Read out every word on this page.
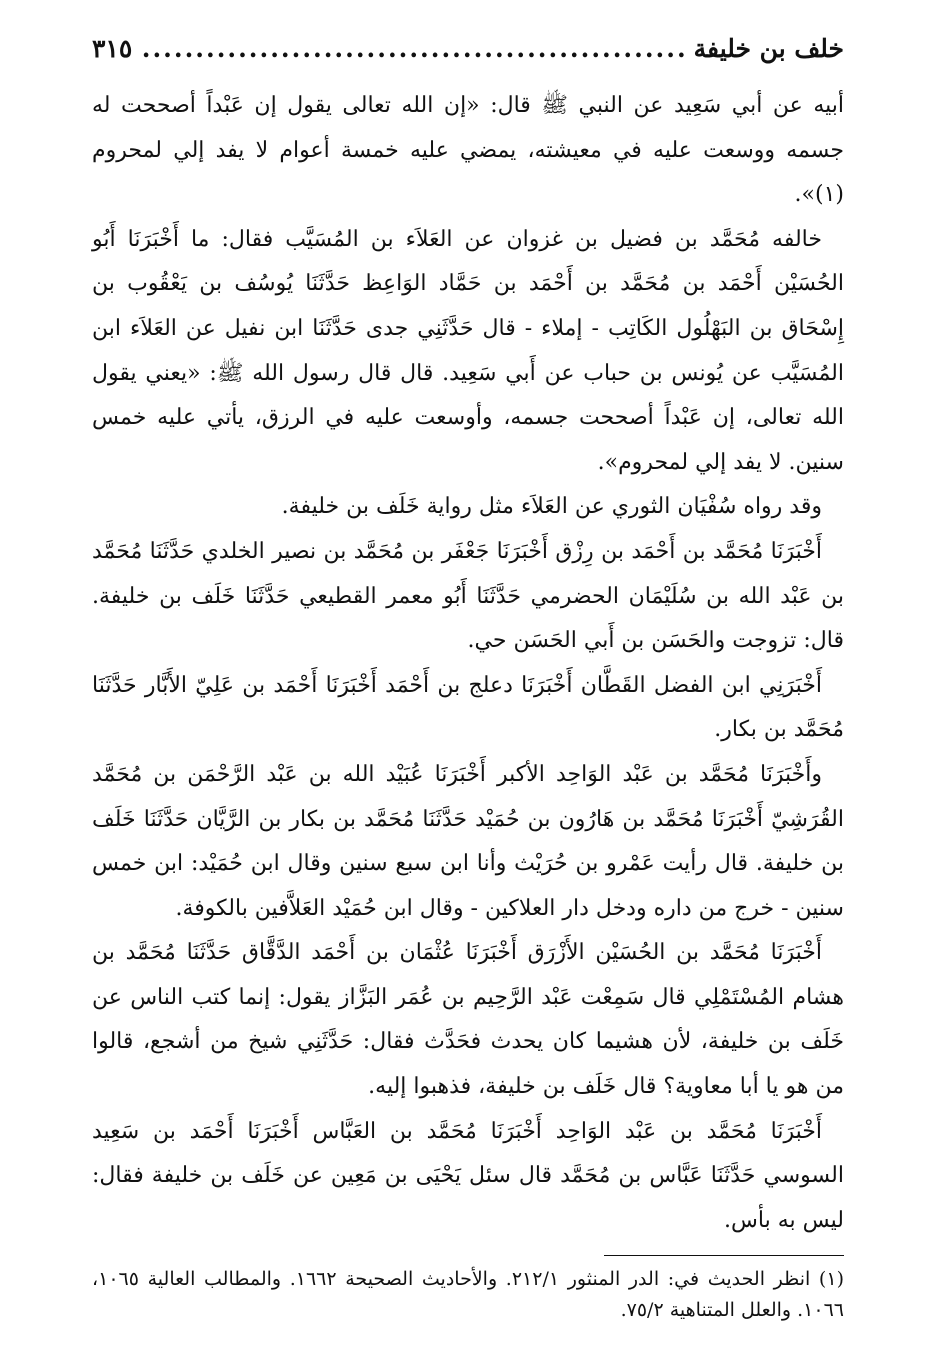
خلف بن خليفة
.....
٣١٥

أبيه عن أبي سَعِيد عن النبي ﷺ قال: «إن الله تعالى يقول إن عَبْداً أصححت له جسمه ووسعت عليه في معيشته، يمضي عليه خمسة أعوام لا يفد إلي لمحروم (١)».

خالفه مُحَمَّد بن فضيل بن غزوان عن العَلاَء بن المُسَيَّب فقال: ما أَخْبَرَنَا أَبُو الحُسَيْن أَحْمَد بن مُحَمَّد بن أَحْمَد بن حَمَّاد الوَاعِظ حَدَّثَنَا يُوسُف بن يَعْقُوب بن إِسْحَاق بن البَهْلُول الكَاتِب - إملاء - قال حَدَّثَنِي جدى حَدَّثَنَا ابن نفيل عن العَلاَء ابن المُسَيَّب عن يُونس بن حباب عن أَبي سَعِيد. قال قال رسول الله ﷺ: «يعني يقول الله تعالى، إن عَبْداً أصححت جسمه، وأوسعت عليه في الرزق، يأتي عليه خمس سنين. لا يفد إلي لمحروم».

وقد رواه سُفْيَان الثوري عن العَلاَء مثل رواية خَلَف بن خليفة.

أَخْبَرَنَا مُحَمَّد بن أَحْمَد بن رِزْق أَخْبَرَنَا جَعْفَر بن مُحَمَّد بن نصير الخلدي حَدَّثَنَا مُحَمَّد بن عَبْد الله بن سُلَيْمَان الحضرمي حَدَّثَنَا أَبُو معمر القطيعي حَدَّثَنَا خَلَف بن خليفة. قال: تزوجت والحَسَن بن أَبي الحَسَن حي.

أَخْبَرَنِي ابن الفضل القَطَّان أَخْبَرَنَا دعلج بن أَحْمَد أَخْبَرَنَا أَحْمَد بن عَلِيّ الأَبَّار حَدَّثَنَا مُحَمَّد بن بكار.

وأَخْبَرَنَا مُحَمَّد بن عَبْد الوَاحِد الأكبر أَخْبَرَنَا عُبَيْد الله بن عَبْد الرَّحْمَن بن مُحَمَّد القُرَشِيّ أَخْبَرَنَا مُحَمَّد بن هَارُون بن حُمَيْد حَدَّثَنَا مُحَمَّد بن بكار بن الرَّيَّان حَدَّثَنَا خَلَف بن خليفة. قال رأيت عَمْرو بن حُرَيْث وأنا ابن سبع سنين وقال ابن حُمَيْد: ابن خمس سنين - خرج من داره ودخل دار العلاكين - وقال ابن حُمَيْد العَلاَّفين بالكوفة.

أَخْبَرَنَا مُحَمَّد بن الحُسَيْن الأَزْرَق أَخْبَرَنَا عُثْمَان بن أَحْمَد الدَّقَّاق حَدَّثَنَا مُحَمَّد بن هشام المُسْتَمْلِي قال سَمِعْت عَبْد الرَّحِيم بن عُمَر البَزَّاز يقول: إنما كتب الناس عن خَلَف بن خليفة، لأن هشيما كان يحدث فحَدَّث فقال: حَدَّثَنِي شيخ من أشجع، قالوا من هو يا أبا معاوية؟ قال خَلَف بن خليفة، فذهبوا إليه.

أَخْبَرَنَا مُحَمَّد بن عَبْد الوَاحِد أَخْبَرَنَا مُحَمَّد بن العَبَّاس أَخْبَرَنَا أَحْمَد بن سَعِيد السوسي حَدَّثَنَا عَبَّاس بن مُحَمَّد قال سئل يَحْيَى بن مَعِين عن خَلَف بن خليفة فقال: ليس به بأس.

(١) انظر الحديث في: الدر المنثور ٢١٢/١. والأحاديث الصحيحة ١٦٦٢. والمطالب العالية ١٠٦٥، ١٠٦٦. والعلل المتناهية ٧٥/٢.
